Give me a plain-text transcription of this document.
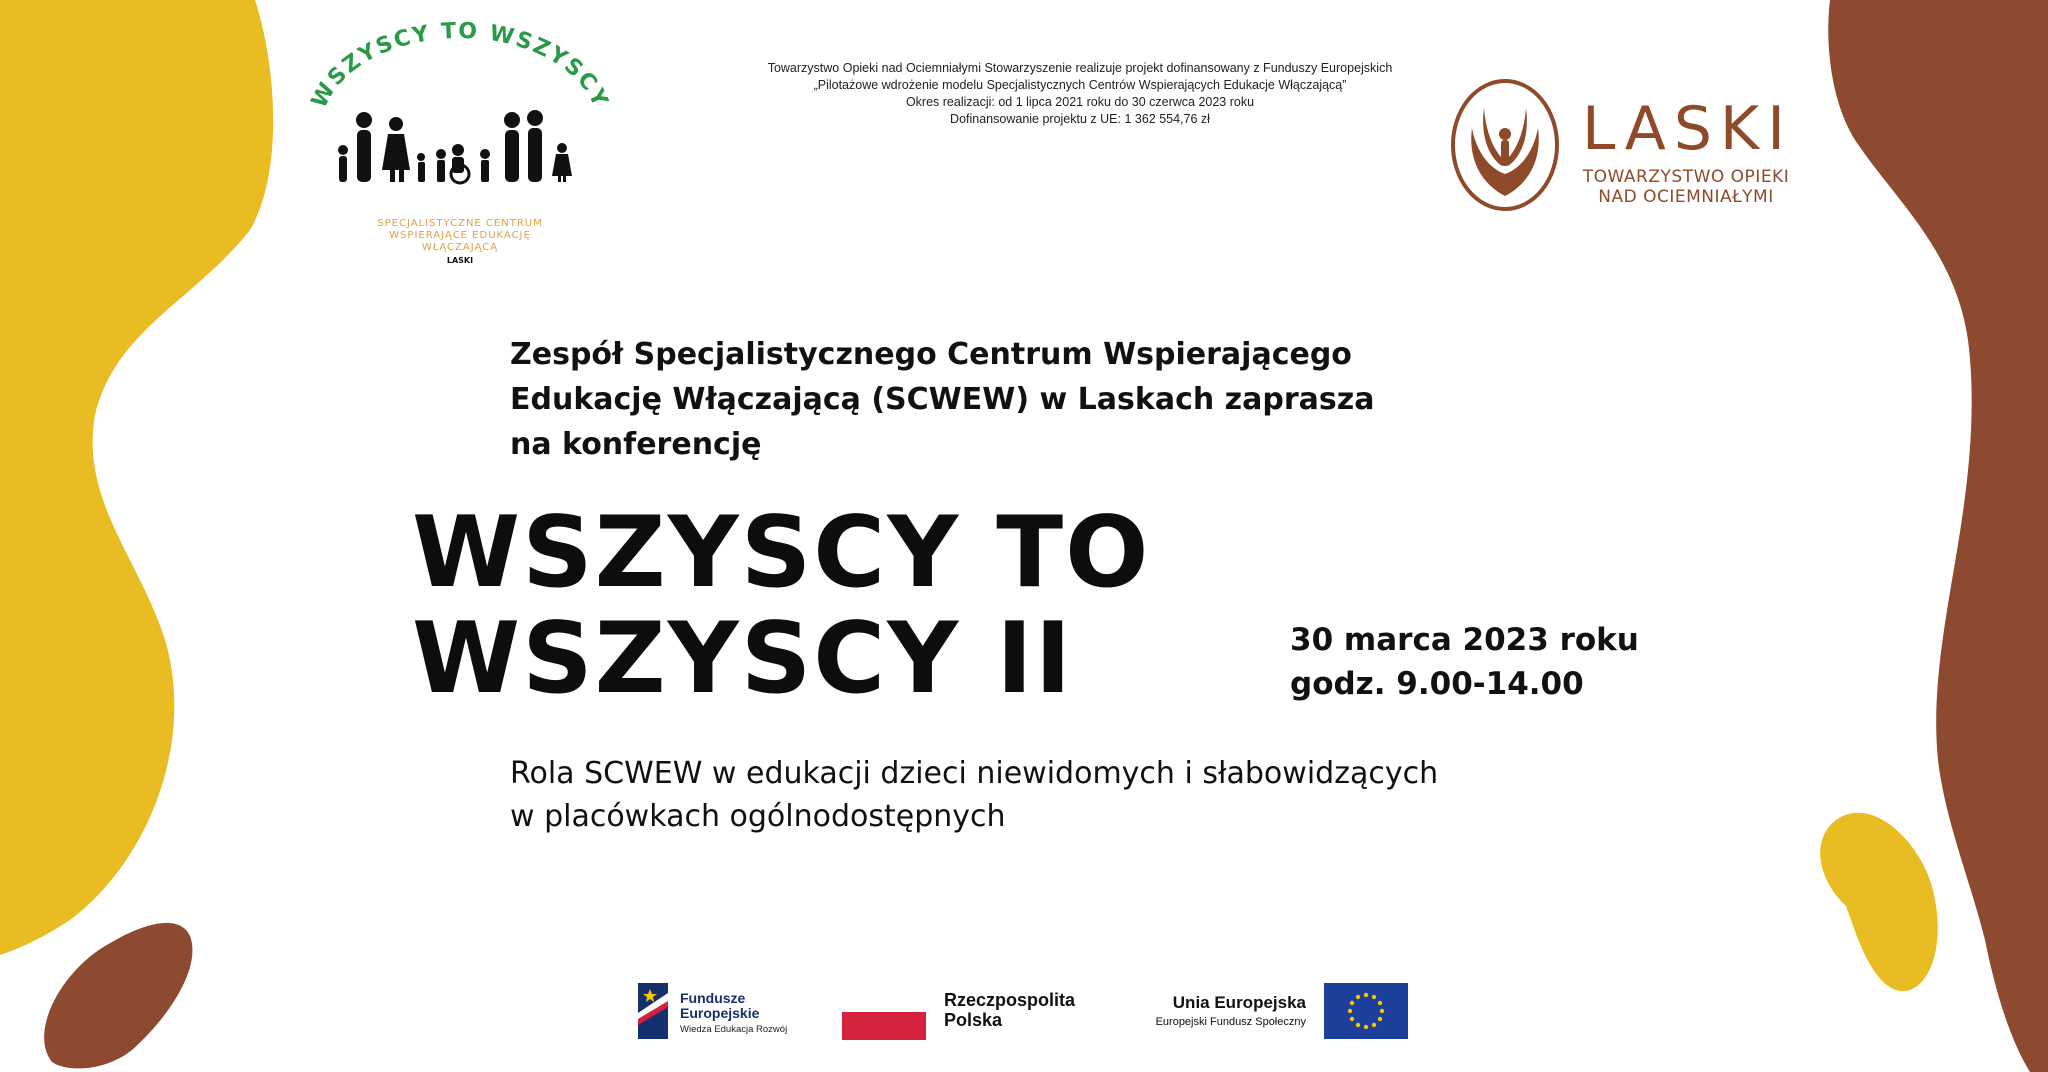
WSZYSCY TO WSZYSCY
SPECJALISTYCZNE CENTRUM
WSPIERAJĄCE EDUKACJĘ
WŁĄCZAJĄCĄ
LASKI
Towarzystwo Opieki nad Ociemniałymi Stowarzyszenie realizuje projekt dofinansowany z Funduszy Europejskich
„Pilotażowe wdrożenie modelu Specjalistycznych Centrów Wspierających Edukacje Włączającą”
Okres realizacji: od 1 lipca 2021 roku do 30 czerwca 2023 roku
Dofinansowanie projektu z UE: 1 362 554,76 zł	LASKI
TOWARZYSTWO OPIEKI
NAD OCIEMNIAŁYMI
Zespół Specjalistycznego Centrum Wspierającego
Edukację Włączającą (SCWEW) w Laskach zaprasza
na konferencję
WSZYSCY TO
WSZYSCY II	30 marca 2023 roku
godz. 9.00-14.00
Rola SCWEW w edukacji dzieci niewidomych i słabowidzących
w placówkach ogólnodostępnych
Fundusze
Europejskie
Wiedza Edukacja Rozwój
Rzeczpospolita
Polska
Unia Europejska
Europejski Fundusz Społeczny
